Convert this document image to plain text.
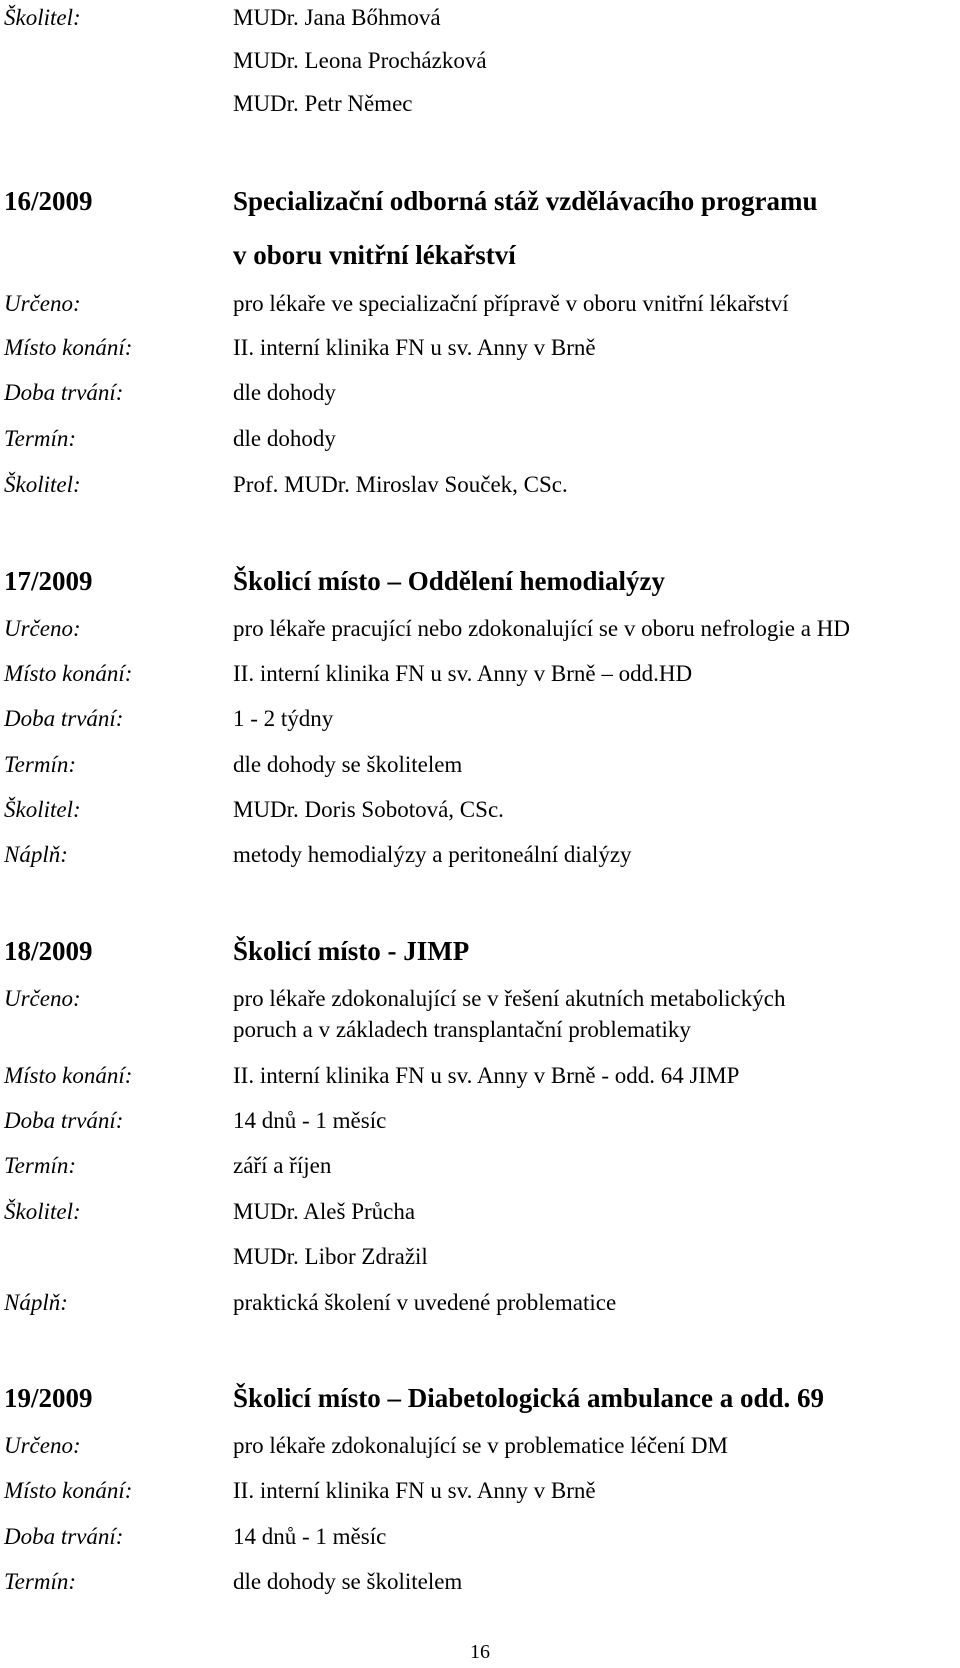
Školitel:	MUDr. Jana Bőhmová
MUDr. Leona Procházková
MUDr. Petr Němec
16/2009	Specializační odborná stáž vzdělávacího programu
v oboru vnitřní lékařství
Určeno:	pro lékaře ve specializační přípravě v oboru vnitřní lékařství
Místo konání:	II. interní klinika FN u sv. Anny v Brně
Doba trvání:	dle dohody
Termín:	dle dohody
Školitel:	Prof. MUDr. Miroslav Souček, CSc.
17/2009	Školicí místo – Oddělení hemodialýzy
Určeno:	pro lékaře pracující nebo zdokonalující se v oboru nefrologie a HD
Místo konání:	II. interní klinika FN u sv. Anny v Brně – odd.HD
Doba trvání:	1 - 2 týdny
Termín:	dle dohody se školitelem
Školitel:	MUDr. Doris Sobotová, CSc.
Náplň:	metody hemodialýzy a peritoneální dialýzy
18/2009	Školicí místo - JIMP
Určeno:	pro lékaře zdokonalující se v řešení akutních metabolických
poruch a v základech transplantační problematiky
Místo konání:	II. interní klinika FN u sv. Anny v Brně - odd. 64 JIMP
Doba trvání:	14 dnů - 1 měsíc
Termín:	září a říjen
Školitel:	MUDr. Aleš Průcha
MUDr. Libor Zdražil
Náplň:	praktická školení v uvedené problematice
19/2009	Školicí místo – Diabetologická ambulance a odd. 69
Určeno:	pro lékaře zdokonalující se v problematice léčení DM
Místo konání:	II. interní klinika FN u sv. Anny v Brně
Doba trvání:	14 dnů - 1 měsíc
Termín:	dle dohody se školitelem
16
